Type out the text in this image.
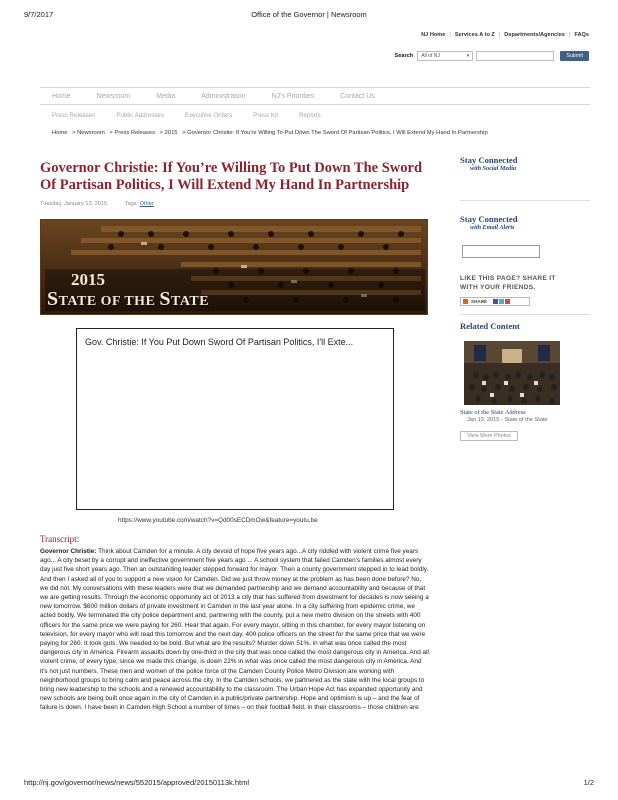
9/7/2017	Office of the Governor | Newsroom
NJ Home | Services A to Z | Departments/Agencies | FAQs
Search All of NJ	▾	Submit
Home	Newsroom	Media	Administration	NJ's Priorities	Contact Us
Press Releases	Public Addresses	Executive Orders	Press Kit	Reports
Home > Newsroom > Press Releases > 2015 > Governor Christie: If You're Willing To Put Down The Sword Of Partisan Politics, I Will Extend My Hand In Partnership
Governor Christie: If You’re Willing To Put Down The Sword Of Partisan Politics, I Will Extend My Hand In Partnership
Tuesday, January 13, 2015	Tags: Other
2015
STATE OF THE STATE
Gov. Christie: If You Put Down Sword Of Partisan Politics, I'll Exte...
https://www.youtube.com/watch?v=Qd00sECDmOw&feature=youtu.be
Transcript:
Governor Christie: Think about Camden for a minute. A city devoid of hope five years ago...A city riddled with violent crime five years ago... A city beset by a corrupt and ineffective government five years ago ... A school system that failed Camden's families almost every day just five short years ago. Then an outstanding leader stepped forward for mayor. Then a county government stepped in to lead boldly. And then I asked all of you to support a new vision for Camden. Did we just throw money at the problem as has been done before? No, we did not. My conversations with these leaders were that we demanded partnership and we demand accountability and because of that we are getting results. Through the economic opportunity act of 2013 a city that has suffered from divestment for decades is now seeing a new tomorrow. $600 million dollars of private investment in Camden in the last year alone. In a city suffering from epidemic crime, we acted boldly. We terminated the city police department and, partnering with the county, put a new metro division on the streets with 400 officers for the same price we were paying for 260. Hear that again. For every mayor, sitting in this chamber, for every mayor listening on television, for every mayor who will read this tomorrow and the next day. 400 police officers on the street for the same price that we were paying for 260. It took guts. We needed to be bold. But what are the results? Murder down 51%, in what was once called the most dangerous city in America. Firearm assaults down by one-third in the city that was once called the most dangerous city in America. And all violent crime, of every type, since we made this change, is down 22% in what was once called the most dangerous city in America. And it's not just numbers. These men and women of the police force of the Camden County Police Metro Division are working with neighborhood groups to bring calm and peace across the city. In the Camden schools, we partnered as the state with the local groups to bring new leadership to the schools and a renewed accountability to the classroom. The Urban Hope Act has expanded opportunity and new schools are being built once again in the city of Camden in a public/private partnership. Hope and optimism is up – and the fear of failure is down. I have been in Camden High School a number of times – on their football field, in their classrooms – those children are
Stay Connected
with Social Media
Stay Connected
with Email Alerts
LIKE THIS PAGE? SHARE IT
WITH YOUR FRIENDS.
SHARE
Related Content
State of the State Address
Jan 13, 2015 - State of the State
View More Photos
http://nj.gov/governor/news/news/552015/approved/20150113k.html	1/2
